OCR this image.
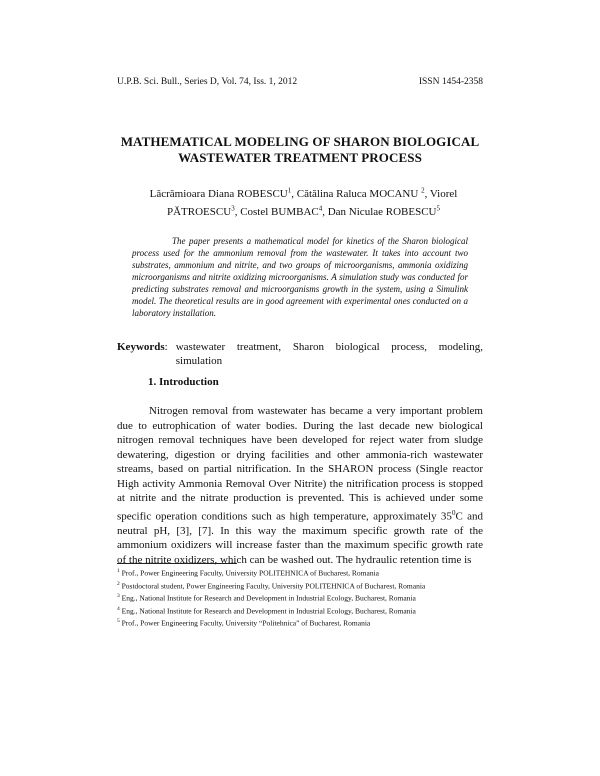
U.P.B. Sci. Bull., Series D, Vol. 74, Iss. 1, 2012	ISSN 1454-2358
MATHEMATICAL MODELING OF SHARON BIOLOGICAL
WASTEWATER TREATMENT PROCESS
Lăcrămioara Diana ROBESCU$^1$, Cătălina Raluca MOCANU $^2$, Viorel PĂTROESCU$^3$, Costel BUMBAC$^4$, Dan Niculae ROBESCU$^5$
The paper presents a mathematical model for kinetics of the Sharon biological process used for the ammonium removal from the wastewater. It takes into account two substrates, ammonium and nitrite, and two groups of microorganisms, ammonia oxidizing microorganisms and nitrite oxidizing microorganisms. A simulation study was conducted for predicting substrates removal and microorganisms growth in the system, using a Simulink model. The theoretical results are in good agreement with experimental ones conducted on a laboratory installation.
Keywords: wastewater treatment, Sharon biological process, modeling, simulation
1. Introduction
Nitrogen removal from wastewater has became a very important problem due to eutrophication of water bodies. During the last decade new biological nitrogen removal techniques have been developed for reject water from sludge dewatering, digestion or drying facilities and other ammonia-rich wastewater streams, based on partial nitrification. In the SHARON process (Single reactor High activity Ammonia Removal Over Nitrite) the nitrification process is stopped at nitrite and the nitrate production is prevented. This is achieved under some specific operation conditions such as high temperature, approximately $35^0C$ and neutral pH, [3], [7]. In this way the maximum specific growth rate of the ammonium oxidizers will increase faster than the maximum specific growth rate of the nitrite oxidizers, which can be washed out. The hydraulic retention time is
$^1$ Prof., Power Engineering Faculty, University POLITEHNICA of Bucharest, Romania
$^2$ Postdoctoral student, Power Engineering Faculty, University POLITEHNICA of Bucharest, Romania
$^3$ Eng., National Institute for Research and Development in Industrial Ecology, Bucharest, Romania
$^4$ Eng., National Institute for Research and Development in Industrial Ecology, Bucharest, Romania
$^5$ Prof., Power Engineering Faculty, University “Politehnica” of Bucharest, Romania
